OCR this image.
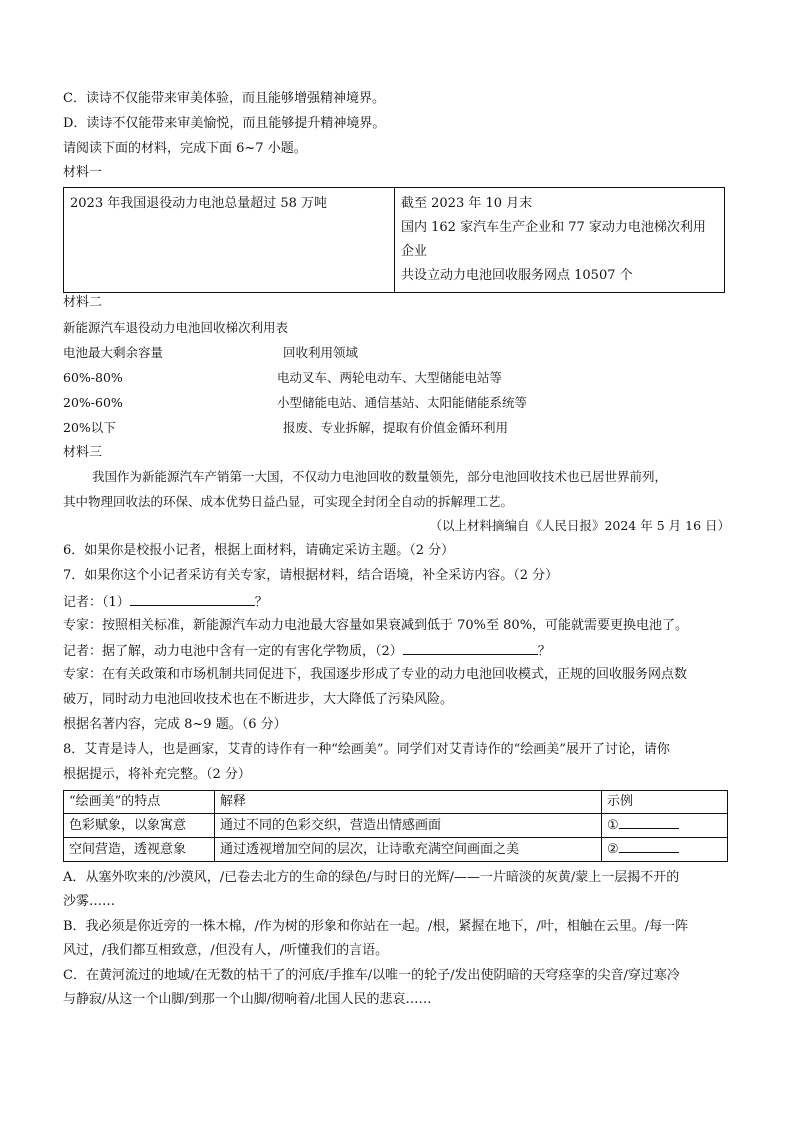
C．读诗不仅能带来审美体验，而且能够增强精神境界。
D．读诗不仅能带来审美愉悦，而且能够提升精神境界。
请阅读下面的材料，完成下面 6~7 小题。
材料一
2023 年我国退役动力电池总量超过 58 万吨	截至 2023 年 10 月末
国内 162 家汽车生产企业和 77 家动力电池梯次利用
企业
共设立动力电池回收服务网点 10507 个
材料二
新能源汽车退役动力电池回收梯次利用表
电池最大剩余容量	回收利用领域
60%-80%	电动叉车、两轮电动车、大型储能电站等
20%-60%	小型储能电站、通信基站、太阳能储能系统等
20%以下	报废、专业拆解，提取有价值金循环利用
材料三
我国作为新能源汽车产销第一大国，不仅动力电池回收的数量领先，部分电池回收技术也已居世界前列，
其中物理回收法的环保、成本优势日益凸显，可实现全封闭全自动的拆解理工艺。
（以上材料摘编自《人民日报》2024 年 5 月 16 日）
6．如果你是校报小记者，根据上面材料，请确定采访主题。（2 分）
7．如果你这个小记者采访有关专家，请根据材料，结合语境，补全采访内容。（2 分）
记者：（1）	？
专家：按照相关标准，新能源汽车动力电池最大容量如果衰减到低于 70%至 80%，可能就需要更换电池了。
记者：据了解，动力电池中含有一定的有害化学物质，（2）	？
专家：在有关政策和市场机制共同促进下，我国逐步形成了专业的动力电池回收模式，正规的回收服务网点数
破万，同时动力电池回收技术也在不断进步，大大降低了污染风险。
根据名著内容，完成 8~9 题。（6 分）
8．艾青是诗人，也是画家，艾青的诗作有一种“绘画美”。同学们对艾青诗作的“绘画美”展开了讨论，请你
根据提示，将补充完整。（2 分）
“绘画美”的特点	解释	示例
色彩赋象，以象寓意	通过不同的色彩交织，营造出情感画面	①
空间营造，透视意象	通过透视增加空间的层次，让诗歌充满空间画面之美	②
A．从塞外吹来的/沙漠风，/已卷去北方的生命的绿色/与时日的光辉/——一片暗淡的灰黄/蒙上一层揭不开的
沙雾……
B．我必须是你近旁的一株木棉，/作为树的形象和你站在一起。/根，紧握在地下，/叶，相触在云里。/每一阵
风过，/我们都互相致意，/但没有人，/听懂我们的言语。
C．在黄河流过的地域/在无数的枯干了的河底/手推车/以唯一的轮子/发出使阴暗的天穹痉挛的尖音/穿过寒冷
与静寂/从这一个山脚/到那一个山脚/彻响着/北国人民的悲哀……
